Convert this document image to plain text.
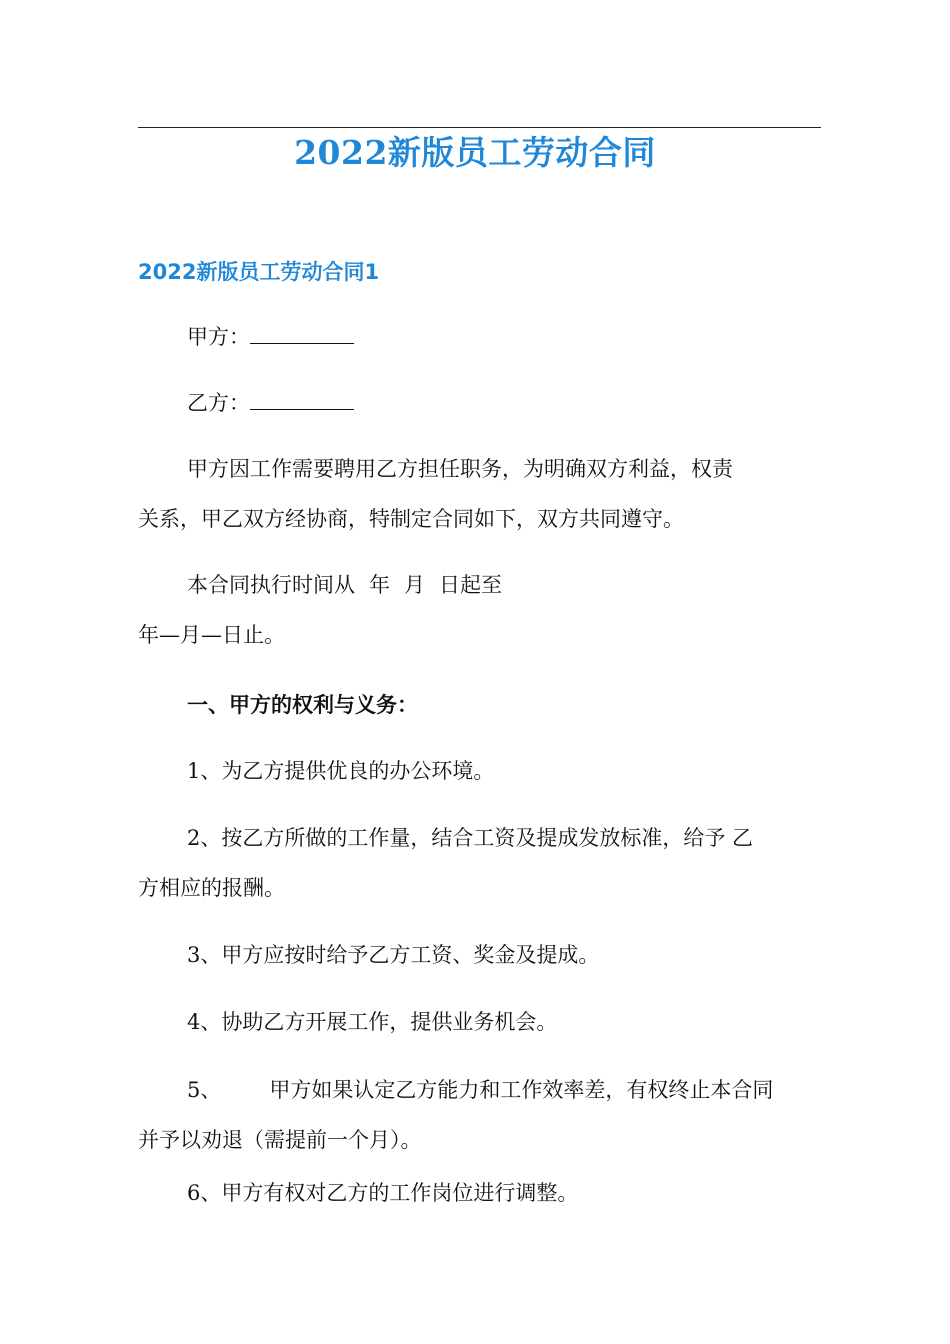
2022新版员工劳动合同
2022新版员工劳动合同1
甲方：
乙方：
甲方因工作需要聘用乙方担任职务，为明确双方利益，权责
关系，甲乙双方经协商，特制定合同如下，双方共同遵守。
本合同执行时间从 年 月 日起至
年—月—日止。
一、甲方的权利与义务：
1、为乙方提供优良的办公环境。
2、按乙方所做的工作量，结合工资及提成发放标准，给予 乙
方相应的报酬。
3、甲方应按时给予乙方工资、奖金及提成。
4、协助乙方开展工作，提供业务机会。
5、 甲方如果认定乙方能力和工作效率差，有权终止本合同
并予以劝退（需提前一个月）。
6、甲方有权对乙方的工作岗位进行调整。
